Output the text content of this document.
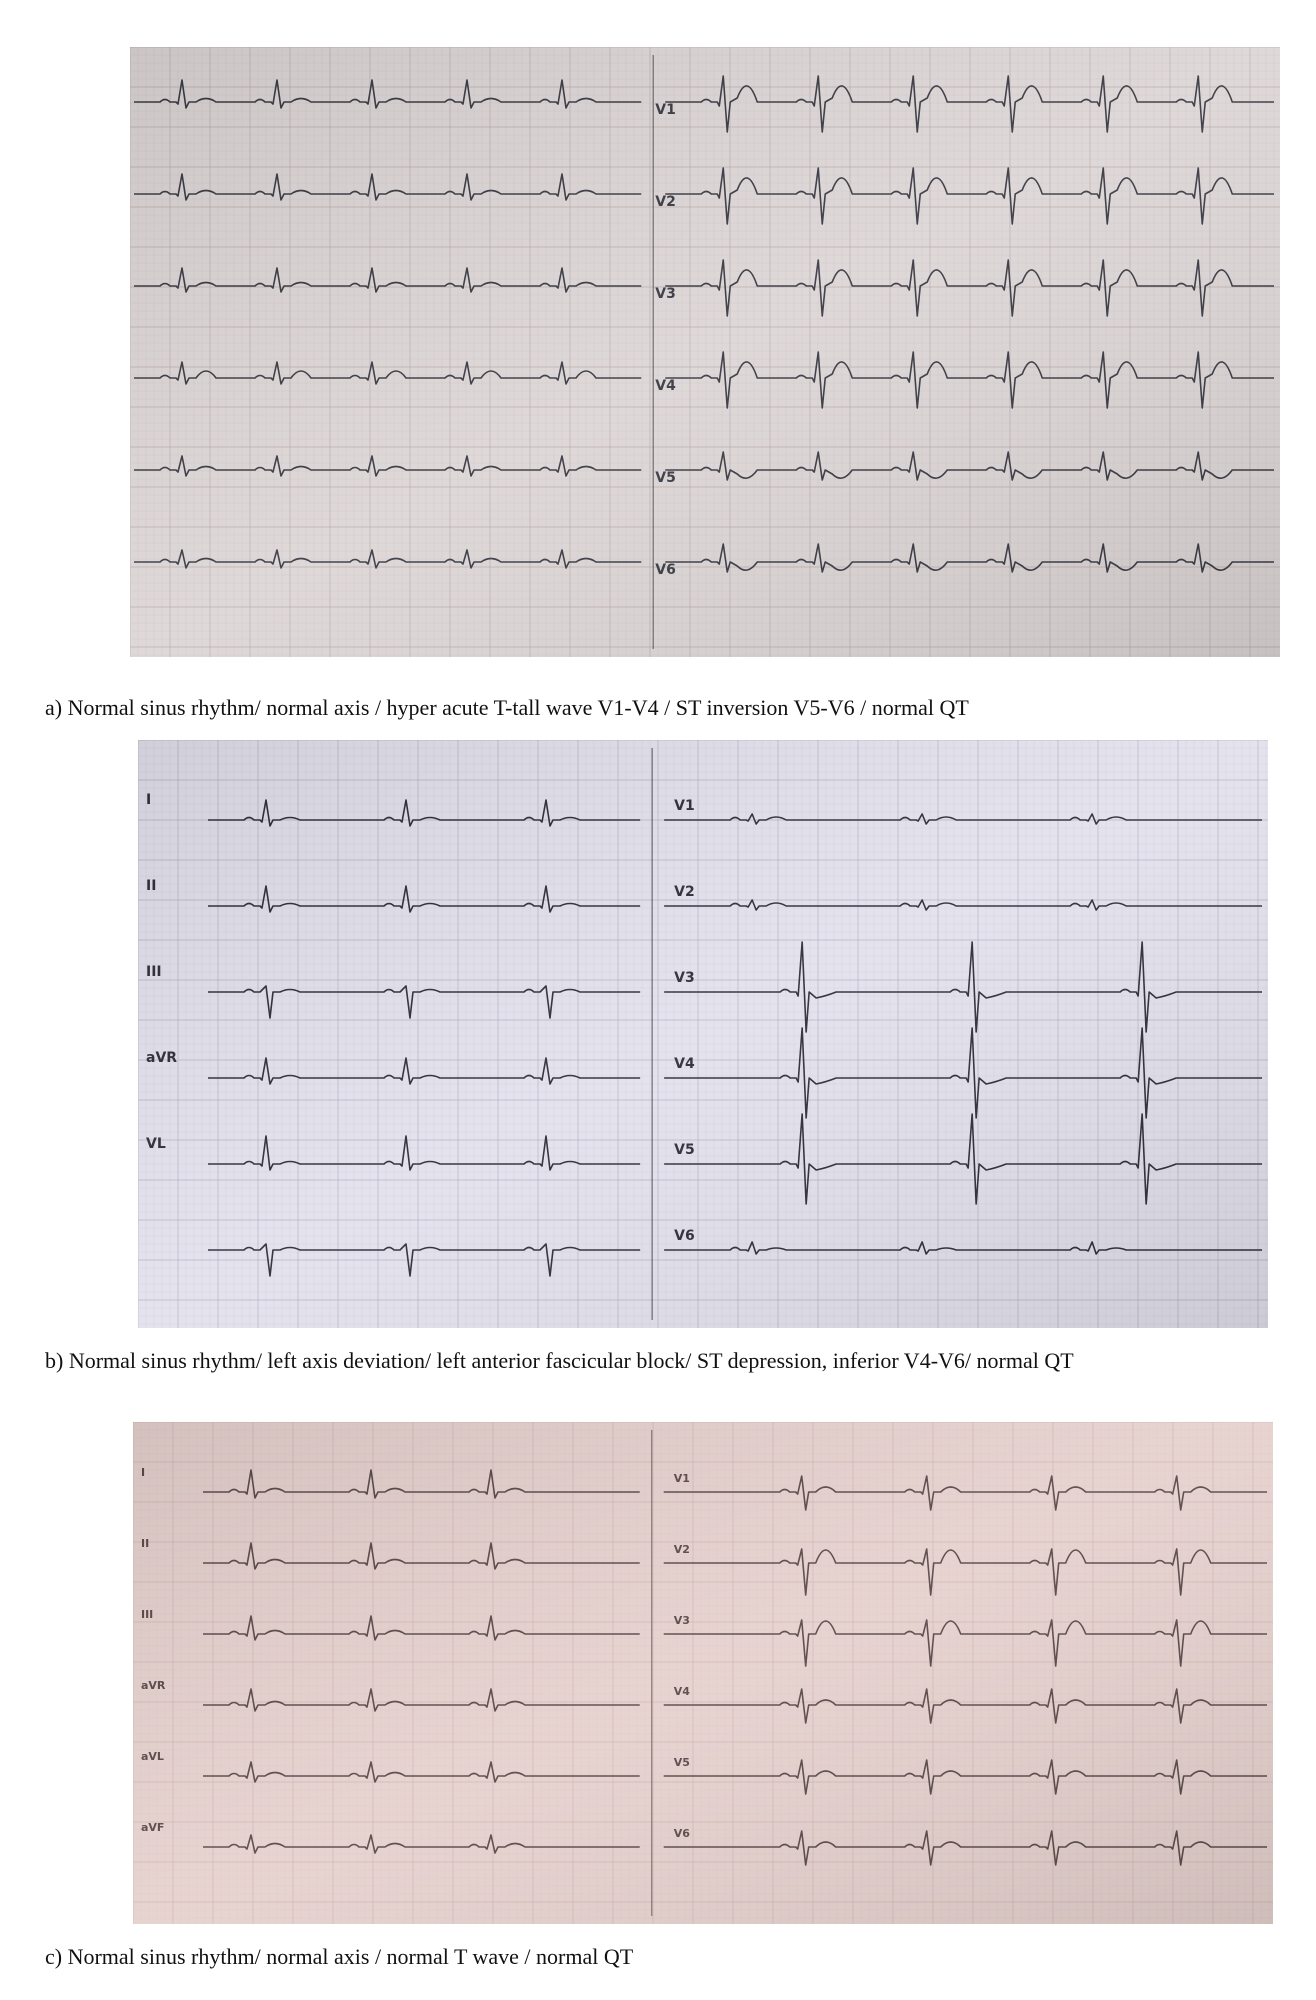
a) Normal sinus rhythm/ normal axis / hyper acute T-tall wave V1-V4 / ST inversion V5-V6 / normal QT
b) Normal sinus rhythm/ left axis deviation/ left anterior fascicular block/ ST depression, inferior V4-V6/ normal QT
c) Normal sinus rhythm/ normal axis / normal T wave / normal QT
